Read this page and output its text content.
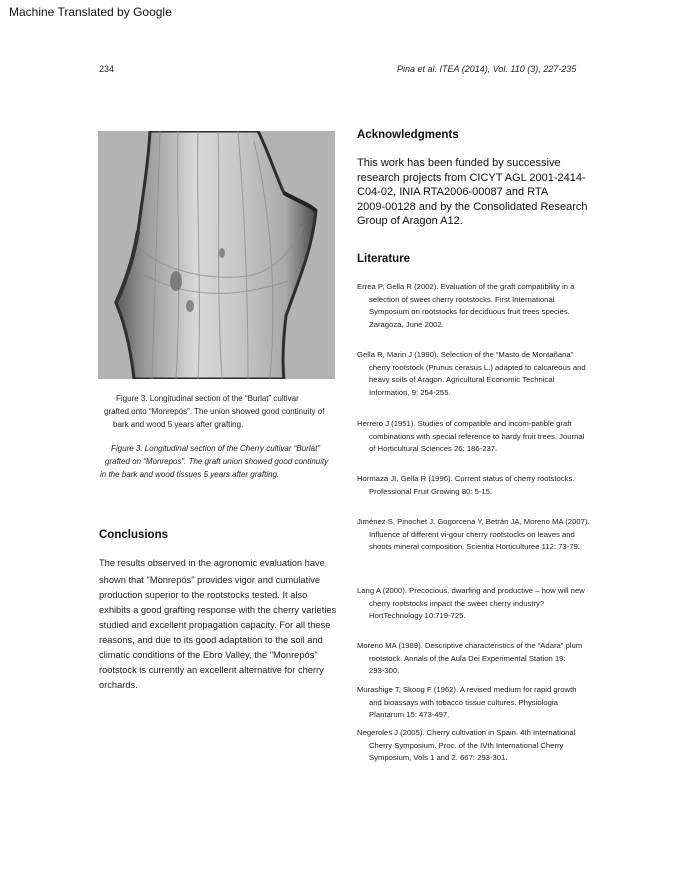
Machine Translated by Google
234	Pina et al. ITEA (2014), Vol. 110 (3), 227-235
Figure 3. Longitudinal section of the “Burlat” cultivar
grafted onto “Monrepós”. The union showed good continuity of
bark and wood 5 years after grafting.
Figure 3. Longitudinal section of the Cherry cultivar “Burlat”
grafted on “Monrepos”. The graft union showed good continuity
in the bark and wood tissues 5 years after grafting.
Conclusions
The results observed in the agronomic evaluation have
shown that "Monrepós" provides vigor and cumulative
production superior to the rootstocks tested. It also
exhibits a good grafting response with the cherry varieties
studied and excellent propagation capacity. For all these
reasons, and due to its good adaptation to the soil and
climatic conditions of the Ebro Valley, the "Monrepós"
rootstock is currently an excellent alternative for cherry
orchards.
Acknowledgments
This work has been funded by successive
research projects from CICYT AGL 2001-2414-
C04-02, INIA RTA2006-00087 and RTA
2009-00128 and by the Consolidated Research
Group of Aragon A12.
Literature
Errea P, Gella R (2002). Evaluation of the graft compatibility in a
selection of sweet cherry rootstocks. First International
Symposium on rootstocks for deciduous fruit trees species.
Zaragoza, June 2002.
Gella R, Marin J (1990). Selection of the “Masto de Montañana”
cherry rootstock (Prunus cerasus L.) adapted to calcareous and
heavy soils of Aragon. Agricultural Economic Technical
Information, 9: 254-255.
Herrero J (1951). Studies of compatible and incom-patible graft
combinations with special reference to hardy fruit trees. Journal
of Horticultural Sciences 26: 186-237.
Hormaza JI, Gella R (1996). Current status of cherry rootstocks.
Professional Fruit Growing 80: 5-15.
Jiménez S, Pinochet J, Gogorcena Y, Betrán JA, Moreno MA (2007).
Influence of different vi-gour cherry rootstocks on leaves and
shoots mineral composition. Scientia Horticulturee 112: 73-79.
Lang A (2000). Precocious, dwarfing and productive – how will new
cherry rootstocks impact the sweet cherry industry?
HortTechnology 10:719-725.
Moreno MA (1989). Descriptive characteristics of the “Adara” plum
rootstock. Annals of the Aula Dei Experimental Station 19:
293-300.
Murashige T, Skoog F (1962). A revised medium for rapid growth
and bioassays with tobacco tissue cultures. Physiologia
Plantarum 15: 473-497.
Negeroles J (2005). Cherry cultivation in Spain. 4th International
Cherry Symposium. Proc. of the IVth International Cherry
Symposium, Vols 1 and 2. 667: 293-301.
